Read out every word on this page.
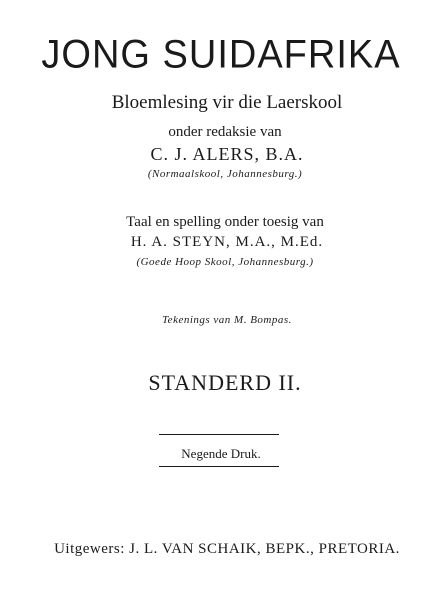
JONG SUIDAFRIKA
Bloemlesing vir die Laerskool
onder redaksie van
C. J. ALERS, B.A.
(Normaalskool, Johannesburg.)
Taal en spelling onder toesig van
H. A. STEYN, M.A., M.Ed.
(Goede Hoop Skool, Johannesburg.)
Tekenings van M. Bompas.
STANDERD II.
Negende Druk.
Uitgewers: J. L. VAN SCHAIK, BEPK., PRETORIA.
